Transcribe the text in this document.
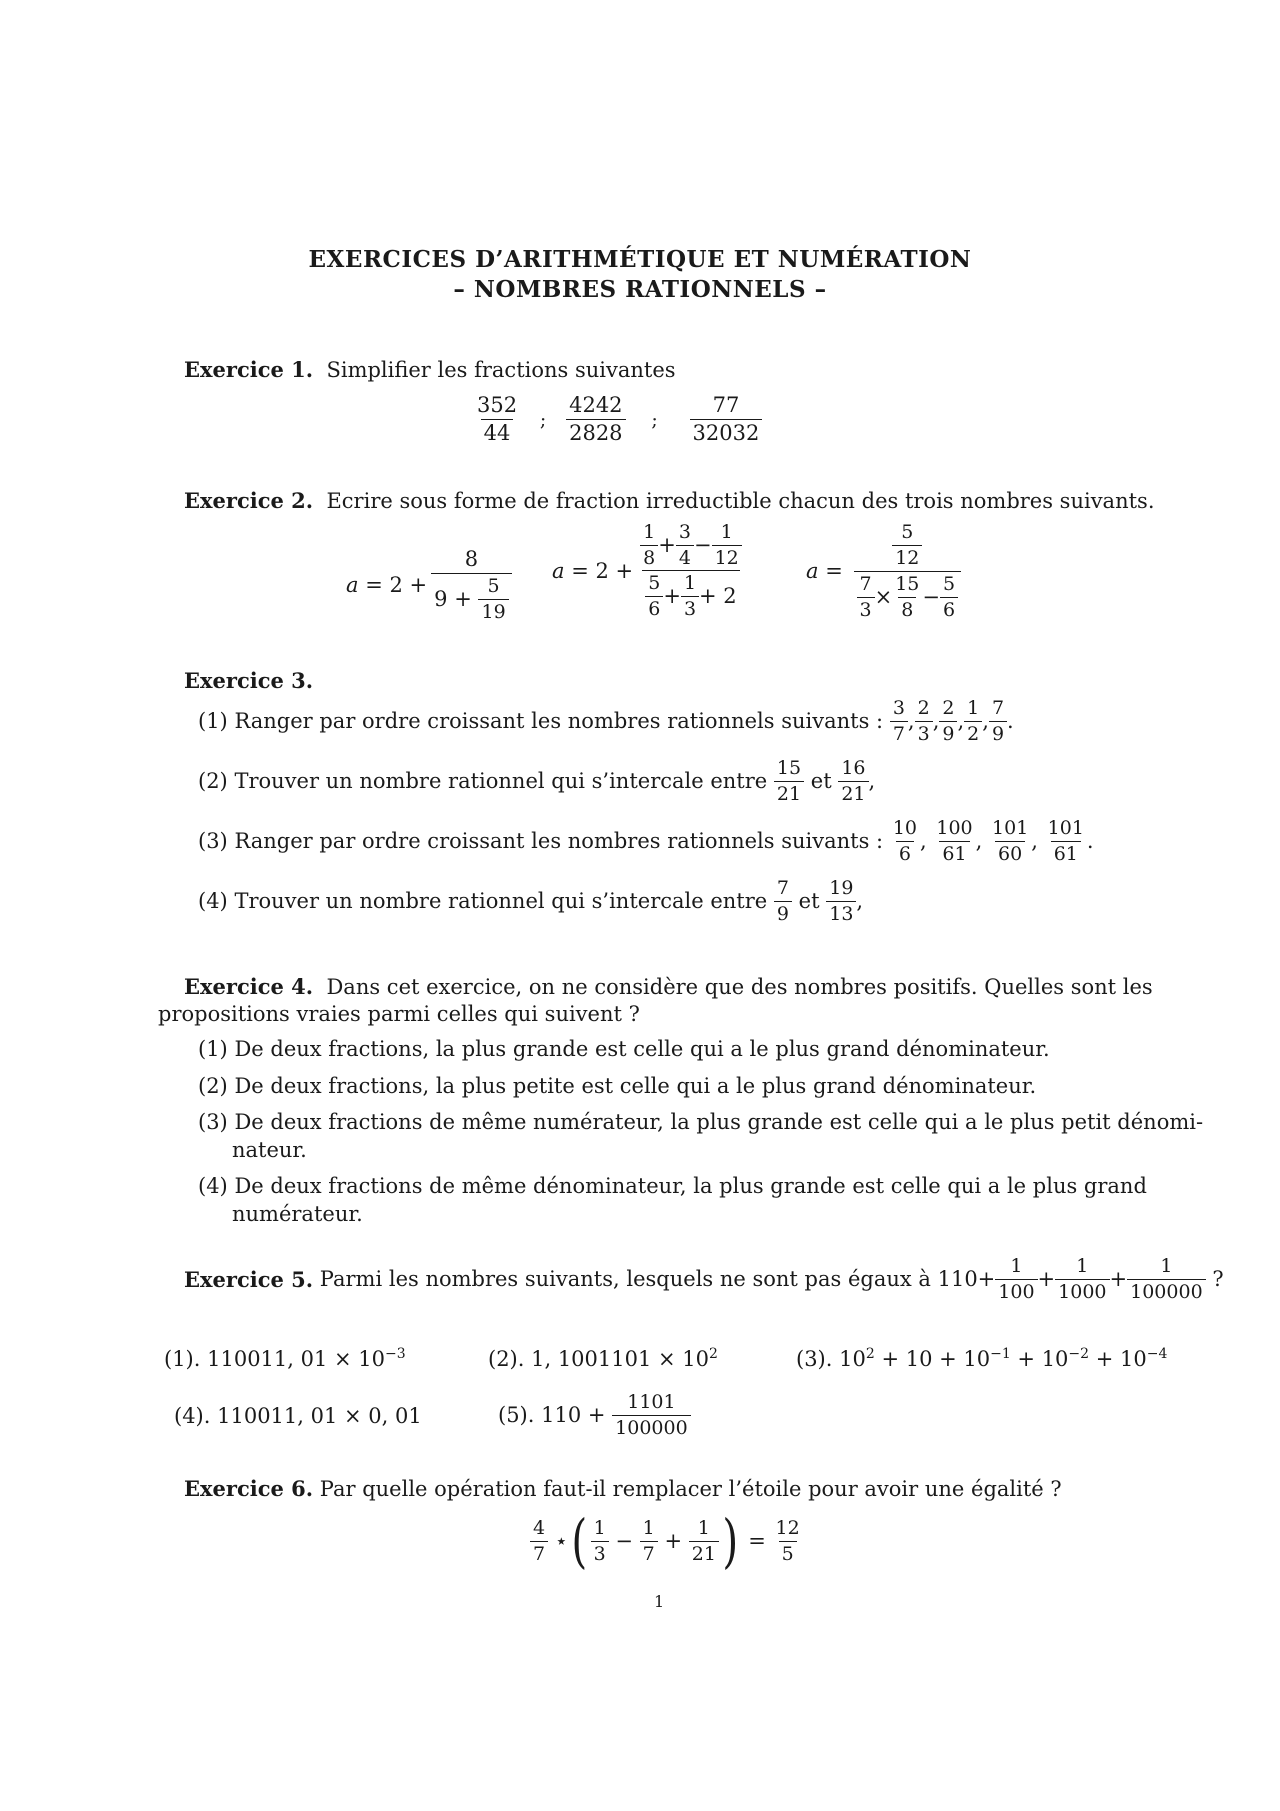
EXERCICES D’ARITHMÉTIQUE ET NUMÉRATION
– NOMBRES RATIONNELS –
Exercice 1. Simplifier les fractions suivantes
$\frac{352}{44}$	; $\frac{4242}{2828}$	;	$\frac{77}{32032}$
Exercice 2. Ecrire sous forme de fraction irreductible chacun des trois nombres suivants.
a
=
2 + 8
9 +
$\frac{5}{19}$ a
=
$2 + \frac{\frac{1}{8} + \frac{3}{4} - \frac{1}{12}}{\frac{5}{6} + \frac{1}{3} + 2}$	a
=
$\frac{\frac{5}{12}}{\frac{7}{3} \times \frac{15}{8} - \frac{5}{6}}$
Exercice 3.
(1)
Ranger par ordre croissant les nombres rationnels suivants :
$\frac{3}{7}$ , $\frac{2}{3}$ , $\frac{2}{9}$ , $\frac{1}{2}$ , $\frac{7}{9}$ .
(2)
Trouver un nombre rationnel qui s’intercale entre
$\frac{15}{21}$
et
$\frac{16}{21}$ ,
(3)
Ranger par ordre croissant les nombres rationnels suivants :
$\frac{10}{6}$ ,
$\frac{100}{61}$ ,
$\frac{101}{60}$ ,
$\frac{101}{61}$ .
(4)
Trouver un nombre rationnel qui s’intercale entre
$\frac{7}{9}$
et
$\frac{19}{13}$ ,
Exercice 4. Dans cet exercice, on ne considère que des nombres positifs. Quelles sont les
propositions vraies parmi celles qui suivent ?
(1) De deux fractions, la plus grande est celle qui a le plus grand dénominateur.
(2) De deux fractions, la plus petite est celle qui a le plus grand dénominateur.
(3) De deux fractions de même numérateur, la plus grande est celle qui a le plus petit dénomi-
nateur.
(4) De deux fractions de même dénominateur, la plus grande est celle qui a le plus grand
numérateur.
Exercice 5.
Parmi les nombres suivants, lesquels ne sont pas égaux à $110+ \frac{1}{100} + \frac{1}{1000} + \frac{1}{100000}$
?
(1). 110011, $01 \times 10^{-3}$	(2). 1, $1001101 \times 10^2$	(3). $10^2 + 10 + 10^{-1} + 10^{-2} + 10^{-4}$
(4). 110011, 01 × 0, 01	(5).
110 +
$\frac{1101}{100000}$
Exercice 6. Par quelle opération faut-il remplacer l’étoile pour avoir une égalité ?
$\frac{4}{7}$
⋆ ( $\frac{1}{3}$
−
$\frac{1}{7}$
+
$\frac{1}{21}$ )
=
$\frac{12}{5}$
1
